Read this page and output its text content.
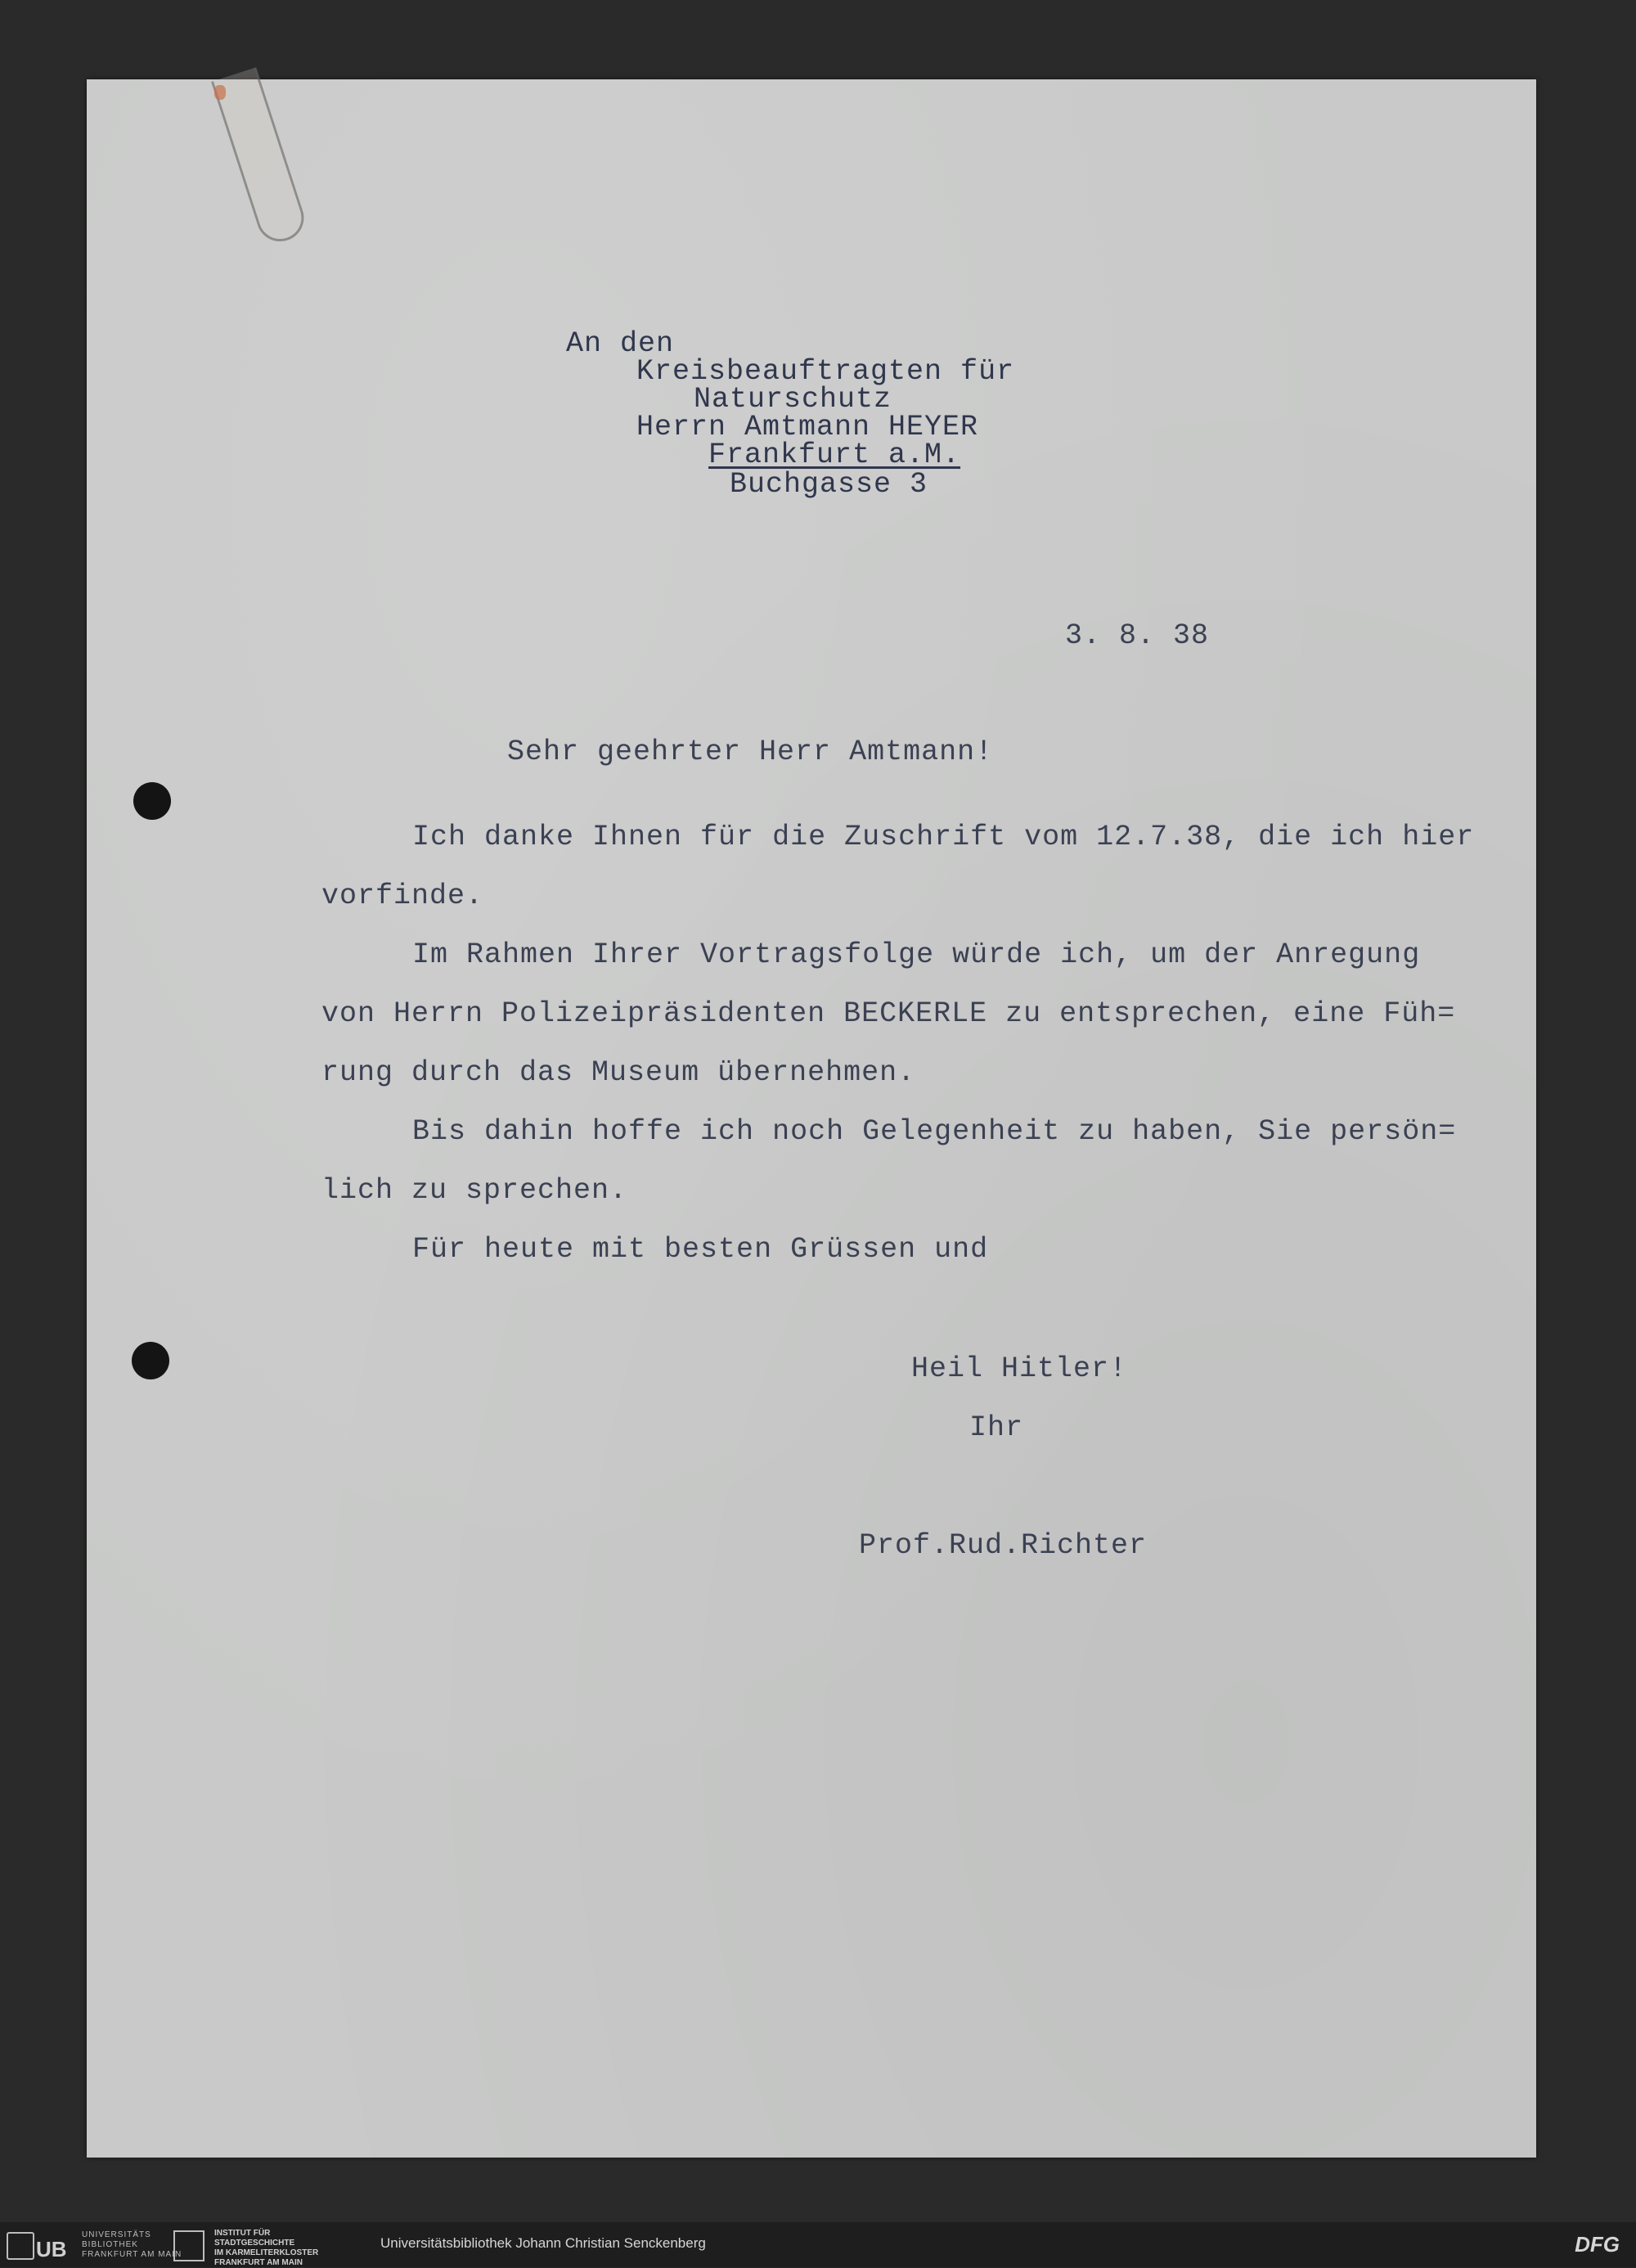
An den
Kreisbeauftragten für
Naturschutz
Herrn Amtmann HEYER
Frankfurt a.M.
Buchgasse 3
3. 8. 38
Sehr geehrter Herr Amtmann!
Ich danke Ihnen für die Zuschrift vom 12.7.38, die ich hier
vorfinde.
Im Rahmen Ihrer Vortragsfolge würde ich, um der Anregung
von Herrn Polizeipräsidenten BECKERLE zu entsprechen, eine Füh=
rung durch das Museum übernehmen.
Bis dahin hoffe ich noch Gelegenheit zu haben, Sie persön=
lich zu sprechen.
Für heute mit besten Grüssen und
Heil Hitler!
Ihr
Prof.Rud.Richter
UB
UNIVERSITÄTS
BIBLIOTHEK
FRANKFURT AM MAIN
INSTITUT FÜR
STADTGESCHICHTE
IM KARMELITERKLOSTER
FRANKFURT AM MAIN
Universitätsbibliothek Johann Christian Senckenberg	DFG
